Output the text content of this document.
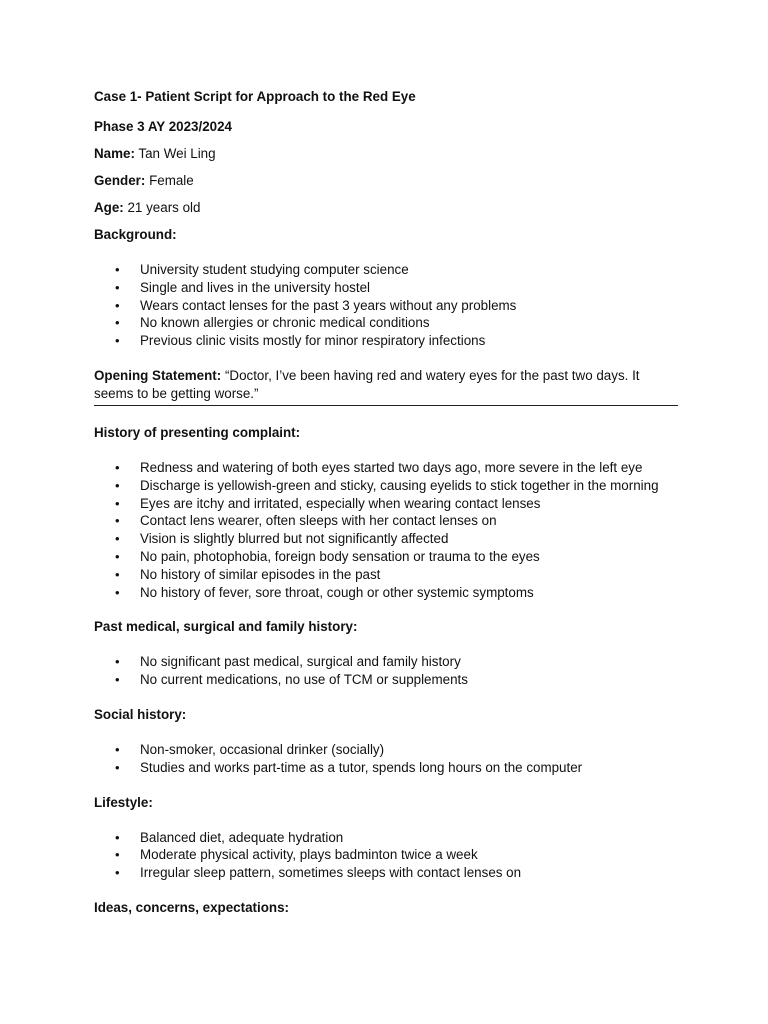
Case 1- Patient Script for Approach to the Red Eye

Phase 3 AY 2023/2024

Name: Tan Wei Ling

Gender: Female

Age: 21 years old

Background:

• University student studying computer science
• Single and lives in the university hostel
• Wears contact lenses for the past 3 years without any problems
• No known allergies or chronic medical conditions
• Previous clinic visits mostly for minor respiratory infections

Opening Statement: “Doctor, I’ve been having red and watery eyes for the past two days. It seems to be getting worse.”

History of presenting complaint:

• Redness and watering of both eyes started two days ago, more severe in the left eye
• Discharge is yellowish-green and sticky, causing eyelids to stick together in the morning
• Eyes are itchy and irritated, especially when wearing contact lenses
• Contact lens wearer, often sleeps with her contact lenses on
• Vision is slightly blurred but not significantly affected
• No pain, photophobia, foreign body sensation or trauma to the eyes
• No history of similar episodes in the past
• No history of fever, sore throat, cough or other systemic symptoms

Past medical, surgical and family history:

• No significant past medical, surgical and family history
• No current medications, no use of TCM or supplements

Social history:

• Non-smoker, occasional drinker (socially)
• Studies and works part-time as a tutor, spends long hours on the computer

Lifestyle:

• Balanced diet, adequate hydration
• Moderate physical activity, plays badminton twice a week
• Irregular sleep pattern, sometimes sleeps with contact lenses on

Ideas, concerns, expectations:
